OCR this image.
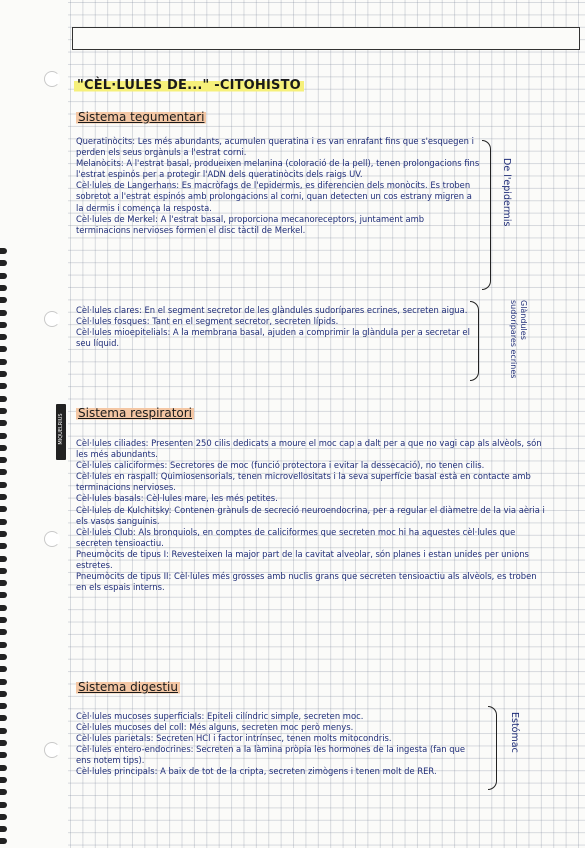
MIQUELRIUS
"CÈL·LULES DE..." -CITOHISTO
Sistema tegumentari

Queratinòcits: Les més abundants, acumulen queratina i es van enrafant fins que s'esquegen i perden els seus orgànuls a l'estrat corni.

Melanòcits: A l'estrat basal, produeixen melanina (coloració de la pell), tenen prolongacions fins l'estrat espinós per a protegir l'ADN dels queratinòcits dels raigs UV.

Cèl·lules de Langerhans: Es macròfags de l'epidermis, es diferencien dels monòcits. Es troben sobretot a l'estrat espinós amb prolongacions al corni, quan detecten un cos estrany migren a la dermis i comença la resposta.

Cèl·lules de Merkel: A l'estrat basal, proporciona mecanoreceptors, juntament amb terminacions nervioses formen el disc tàctil de Merkel.

De l'epidermis

Cèl·lules clares: En el segment secretor de les glàndules sudorípares ecrines, secreten aigua.

Cèl·lules fosques: Tant en el segment secretor, secreten lípids.

Cèl·lules mioepitelials: A la membrana basal, ajuden a comprimir la glàndula per a secretar el seu líquid.

Glàndules sudorípares ecrines
Sistema respiratori

Cèl·lules ciliades: Presenten 250 cilis dedicats a moure el moc cap a dalt per a que no vagi cap als alvèols, són les més abundants.

Cèl·lules caliciformes: Secretores de moc (funció protectora i evitar la dessecació), no tenen cilis.

Cèl·lules en raspall: Quimiosensorials, tenen microvellositats i la seva superfície basal està en contacte amb terminacions nervioses.

Cèl·lules basals: Cèl·lules mare, les més petites.

Cèl·lules de Kulchitsky: Contenen grànuls de secreció neuroendocrina, per a regular el diàmetre de la via aèria i els vasos sanguinis.

Cèl·lules Club: Als bronquiols, en comptes de caliciformes que secreten moc hi ha aquestes cèl·lules que secreten tensioactiu.

Pneumòcits de tipus I: Revesteixen la major part de la cavitat alveolar, són planes i estan unides per unions estretes.

Pneumòcits de tipus II: Cèl·lules més grosses amb nuclis grans que secreten tensioactiu als alvèols, es troben en els espais interns.

Sistema digestiu

Cèl·lules mucoses superficials: Epiteli cilíndric simple, secreten moc.

Cèl·lules mucoses del coll: Més alguns, secreten moc però menys.

Cèl·lules parietals: Secreten HCl i factor intrínsec, tenen molts mitocondris.

Cèl·lules entero-endocrines: Secreten a la làmina pròpia les hormones de la ingesta (fan que ens notem tips).

Cèl·lules principals: A baix de tot de la cripta, secreten zimògens i tenen molt de RER.

Estómac
